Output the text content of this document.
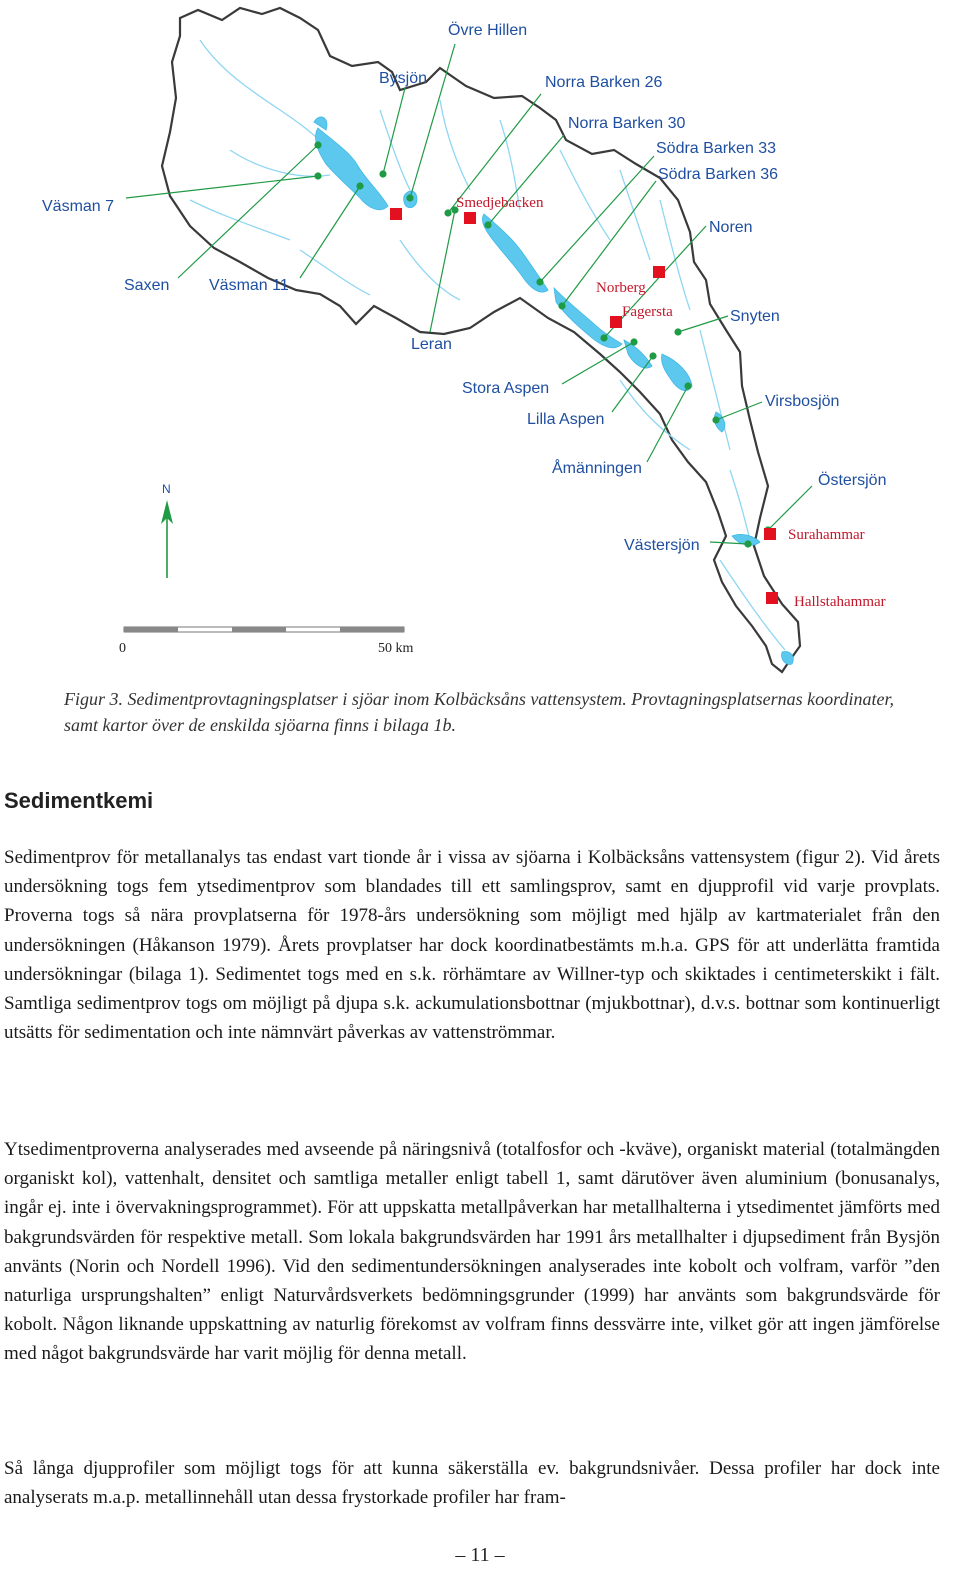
Övre Hillen
Bysjön	Norra Barken 26
Norra Barken 30
Södra Barken 33
Södra Barken 36
Väsman 7
Noren
Saxen Väsman 11
Snyten
Leran
Stora Aspen
Lilla Aspen
Virsbosjön
Åmänningen
Östersjön
Västersjön
Smedjebacken
Norberg
Fagersta
Surahammar
Hallstahammar
N
0	50 km
Figur 3. Sedimentprovtagningsplatser i sjöar inom Kolbäcksåns vattensystem. Provtagningsplatsernas koordinater, samt kartor över de enskilda sjöarna finns i bilaga 1b.
Sedimentkemi

Sedimentprov för metallanalys tas endast vart tionde år i vissa av sjöarna i Kolbäcksåns vattensystem (figur 2). Vid årets undersökning togs fem ytsedimentprov som blandades till ett samlingsprov, samt en djupprofil vid varje provplats. Proverna togs så nära provplatserna för 1978-års undersökning som möjligt med hjälp av kartmaterialet från den undersökningen (Håkanson 1979). Årets provplatser har dock koordinatbestämts m.h.a. GPS för att underlätta framtida undersökningar (bilaga 1). Sedimentet togs med en s.k. rörhämtare av Willner-typ och skiktades i centimeterskikt i fält. Samtliga sedimentprov togs om möjligt på djupa s.k. ackumulationsbottnar (mjukbottnar), d.v.s. bottnar som kontinuerligt utsätts för sedimentation och inte nämnvärt påverkas av vattenströmmar.

Ytsedimentproverna analyserades med avseende på näringsnivå (totalfosfor och -kväve), organiskt material (totalmängden organiskt kol), vattenhalt, densitet och samtliga metaller enligt tabell 1, samt därutöver även aluminium (bonusanalys, ingår ej. inte i övervakningsprogrammet). För att uppskatta metallpåverkan har metallhalterna i ytsedimentet jämförts med bakgrundsvärden för respektive metall. Som lokala bakgrundsvärden har 1991 års metallhalter i djupsediment från Bysjön använts (Norin och Nordell 1996). Vid den sedimentundersökningen analyserades inte kobolt och volfram, varför ”den naturliga ursprungshalten” enligt Naturvårdsverkets bedömningsgrunder (1999) har använts som bakgrundsvärde för kobolt. Någon liknande uppskattning av naturlig förekomst av volfram finns dessvärre inte, vilket gör att ingen jämförelse med något bakgrundsvärde har varit möjlig för denna metall.

Så långa djupprofiler som möjligt togs för att kunna säkerställa ev. bakgrundsnivåer. Dessa profiler har dock inte analyserats m.a.p. metallinnehåll utan dessa frystorkade profiler har fram-

– 11 –
